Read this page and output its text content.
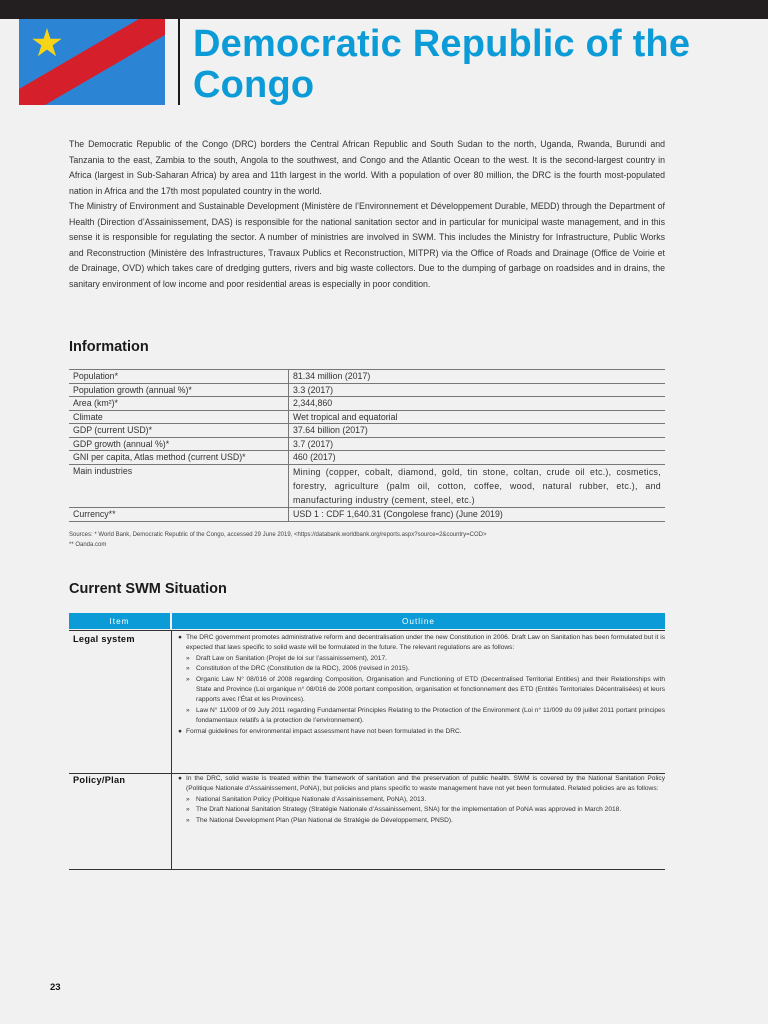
Democratic Republic of the Congo

The Democratic Republic of the Congo (DRC) borders the Central African Republic and South Sudan to the north, Uganda, Rwanda, Burundi and Tanzania to the east, Zambia to the south, Angola to the southwest, and Congo and the Atlantic Ocean to the west. It is the second-largest country in Africa (largest in Sub-Saharan Africa) by area and 11th largest in the world. With a population of over 80 million, the DRC is the fourth most-populated nation in Africa and the 17th most populated country in the world.

The Ministry of Environment and Sustainable Development (Ministère de l’Environnement et Développement Durable, MEDD) through the Department of Health (Direction d’Assainissement, DAS) is responsible for the national sanitation sector and in particular for municipal waste management, and in this sense it is responsible for regulating the sector. A number of ministries are involved in SWM. This includes the Ministry for Infrastructure, Public Works and Reconstruction (Ministère des Infrastructures, Travaux Publics et Reconstruction, MITPR) via the Office of Roads and Drainage (Office de Voirie et de Drainage, OVD) which takes care of dredging gutters, rivers and big waste collectors. Due to the dumping of garbage on roadsides and in drains, the sanitary environment of low income and poor residential areas is especially in poor condition.

Information
Population*	81.34 million (2017)
Population growth (annual %)*	3.3 (2017)
Area (km²)*	2,344,860
Climate	Wet tropical and equatorial
GDP (current USD)*	37.64 billion (2017)
GDP growth (annual %)*	3.7 (2017)
GNI per capita, Atlas method (current USD)*	460 (2017)
Main industries	Mining (copper, cobalt, diamond, gold, tin stone, coltan, crude oil etc.), cosmetics, forestry, agriculture (palm oil, cotton, coffee, wood, natural rubber, etc.), and manufacturing industry (cement, steel, etc.)
Currency**	USD 1 : CDF 1,640.31 (Congolese franc) (June 2019)
Sources: * World Bank, Democratic Republic of the Congo, accessed 29 June 2019, <https://databank.worldbank.org/reports.aspx?source=2&country=COD>
** Oanda.com
Current SWM Situation
Item	Outline
Legal system	● The DRC government promotes administrative reform and decentralisation under the new Constitution in 2006. Draft Law on Sanitation has been formulated but it is expected that laws specific to solid waste will be formulated in the future. The relevant regulations are as follows:

» Draft Law on Sanitation (Projet de loi sur l’assainissement), 2017.

» Constitution of the DRC (Constitution de la RDC), 2006 (revised in 2015).

» Organic Law N° 08/016 of 2008 regarding Composition, Organisation and Functioning of ETD (Decentralised Territorial Entities) and their Relationships with State and Province (Loi organique n° 08/016 de 2008 portant composition, organisation et fonctionnement des ETD (Entités Territoriales Décentralisées) et leurs rapports avec l’État et les Provinces).

» Law N° 11/009 of 09 July 2011 regarding Fundamental Principles Relating to the Protection of the Environment (Loi n° 11/009 du 09 juillet 2011 portant principes fondamentaux relatifs à la protection de l’environnement).

● Formal guidelines for environmental impact assessment have not been formulated in the DRC.

Policy/Plan	● In the DRC, solid waste is treated within the framework of sanitation and the preservation of public health. SWM is covered by the National Sanitation Policy (Politique Nationale d’Assainissement, PoNA), but policies and plans specific to waste management have not yet been formulated. Related policies are as follows:

» National Sanitation Policy (Politique Nationale d’Assainissement, PoNA), 2013.

» The Draft National Sanitation Strategy (Stratégie Nationale d’Assainissement, SNA) for the implementation of PoNA was approved in March 2018.

» The National Development Plan (Plan National de Stratégie de Développement, PNSD).

23
